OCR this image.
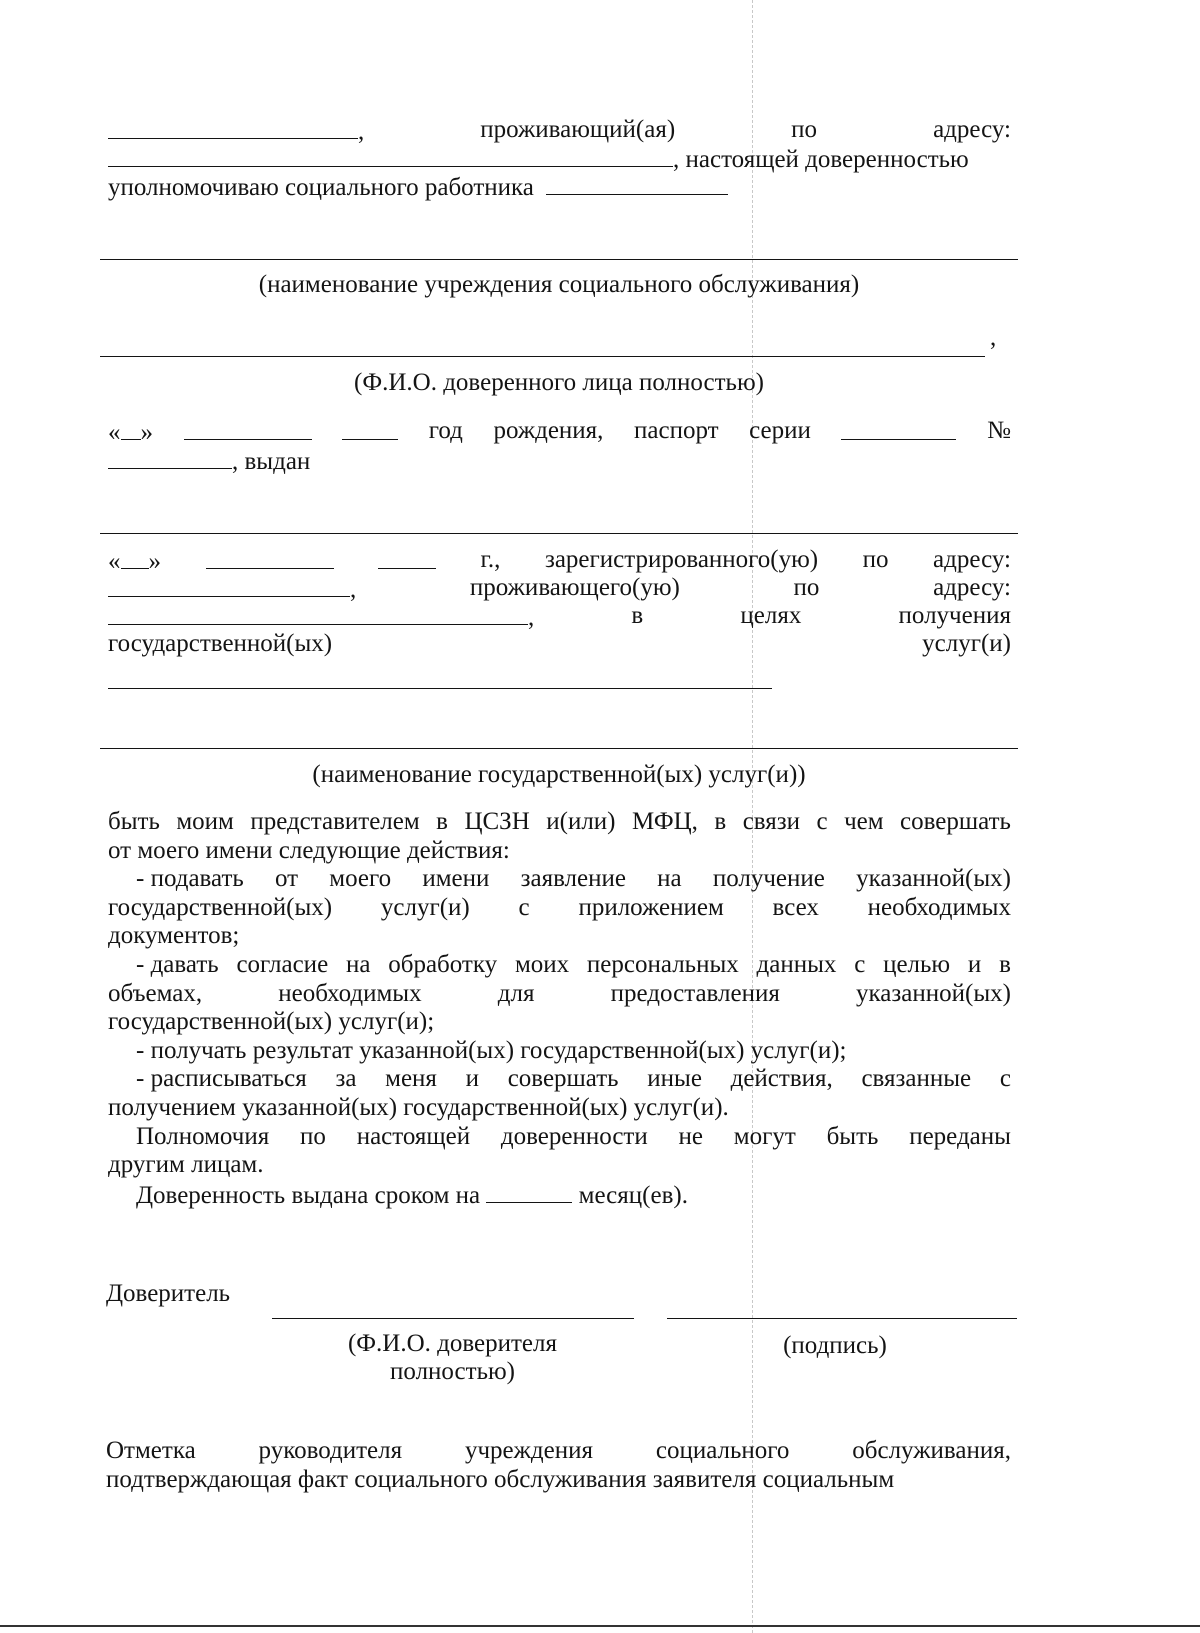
,	проживающий(ая)	по	адресу:
, настоящей доверенностью
уполномочиваю социального работника
(наименование учреждения социального обслуживания)
,
(Ф.И.О. доверенного лица полностью)
« »	год рождения, паспорт серии	№
, выдан
« »	г., зарегистрированного(ую) по адресу:
,	проживающего(ую)	по	адресу:
,	в	целях	получения
государственной(ых)	услуг(и)
(наименование государственной(ых) услуг(и))
быть моим представителем в ЦСЗН и(или) МФЦ, в связи с чем совершать
от моего имени следующие действия:
- подавать от моего имени заявление на получение указанной(ых)
государственной(ых) услуг(и) с приложением всех необходимых
документов;
- давать согласие на обработку моих персональных данных с целью и в
объемах,	необходимых	для	предоставления	указанной(ых)
государственной(ых) услуг(и);
- получать результат указанной(ых) государственной(ых) услуг(и);
- расписываться за меня и совершать иные действия, связанные с
получением указанной(ых) государственной(ых) услуг(и).
Полномочия по настоящей доверенности не могут быть переданы
другим лицам.
Доверенность выдана сроком на	месяц(ев).
Доверитель
(Ф.И.О. доверителя
полностью)
(подпись)
Отметка	руководителя	учреждения	социального	обслуживания,
подтверждающая факт социального обслуживания заявителя социальным
